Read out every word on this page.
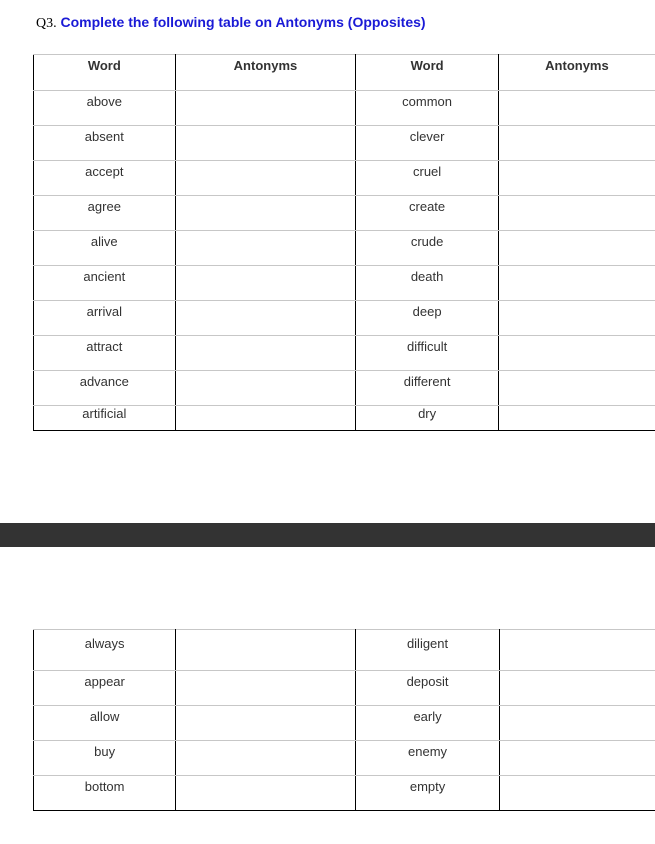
Q3. Complete the following table on Antonyms (Opposites)
Word	Antonyms	Word	Antonyms
above		common	
absent		clever	
accept		cruel	
agree		create	
alive		crude	
ancient		death	
arrival		deep	
attract		difficult	
advance		different	
artificial		dry	
always		diligent	
appear		deposit	
allow		early	
buy		enemy	
bottom		empty	
